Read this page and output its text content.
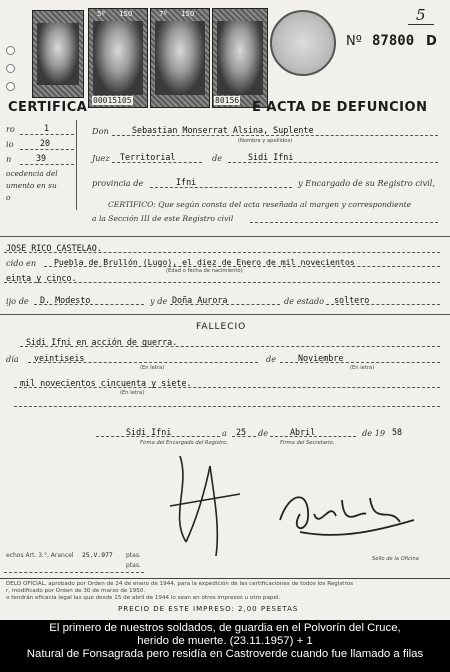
5
5º 150	7º 150
00015105	80156
Nº 87800 D
CERTIFICA	E ACTA DE DEFUNCION
ro	1
io	20
n	39
ocedencia del
umento en su
o
Don	Sebastian Monserrat Alsina, Suplente
(Nombre y apellidos)
Juez Territorial	de	Sidi Ifni
provincia de	Ifni	y Encargado de su Registro civil,
CERTIFICO: Que según consta del acta reseñada al margen y correspondiente
a la Sección III de este Registro civil
JOSE RICO CASTELAO.
cido en Puebla de Brullón (Lugo), el diez de Enero de mil novecientos
(Edad o fecha de nacimiento)
einta y cinco.
ijo de D. Modesto	y de Doña Aurora	de estado soltero
FALLECIO
Sidi Ifni en acción de guerra.
día veintiseis
(En letra)
de	Noviembre
(En letra)
mil novecientos cincuenta y siete.
(En letra)
Sidi Ifni	a 25 de	Abril	de 19 58
Firma del Encargado del Registro,	Firma del Secretario,
Sello de la Oficina
echos Art. 3.°, Arancel 25.V.977 ptas.
ptas.
DELO OFICIAL, aprobado por Orden de 24 de enero de 1944, para la expedición de las certificaciones de todos los Registros
r, modificado por Orden de 30 de marzo de 1950.
o tendrán eficacia legal las que desde 15 de abril de 1944 lo sean en otros impresos u otro papel.
PRECIO DE ESTE IMPRESO: 2,00 PESETAS
El primero de nuestros soldados, de guardia en el Polvorín del Cruce,
herido de muerte. (23.11.1957) + 1
Natural de Fonsagrada pero residía en Castroverde cuando fue llamado a filas
